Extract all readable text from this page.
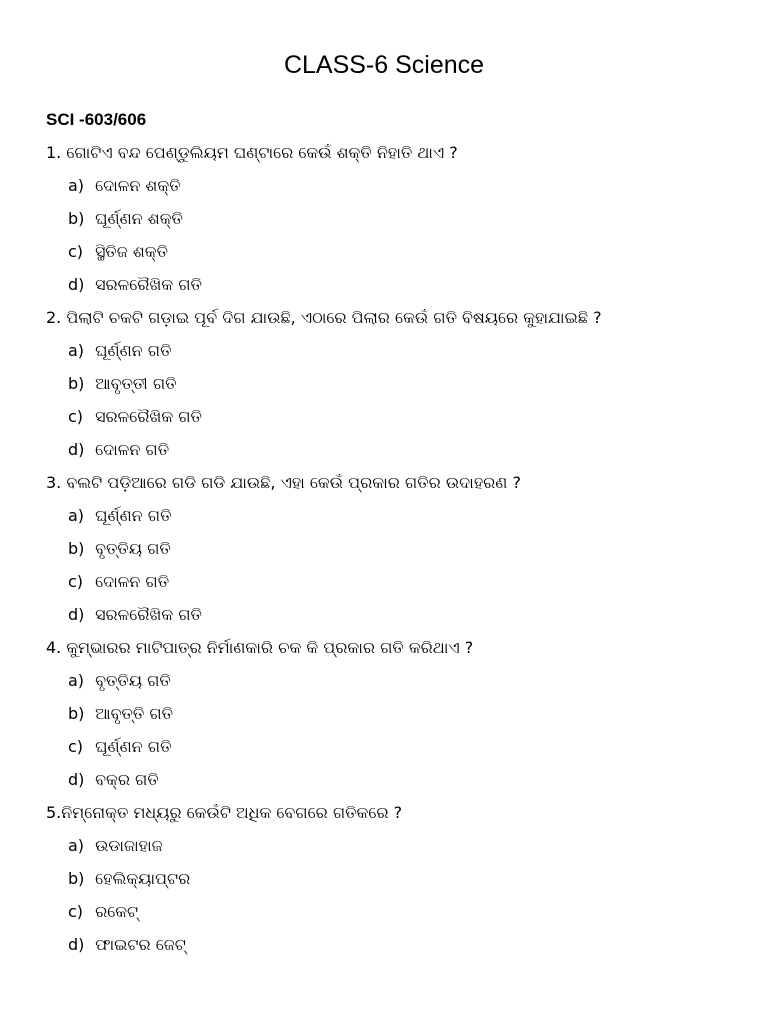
CLASS-6 Science
SCI -603/606
1. ଗୋଟିଏ ବନ୍ଦ ପେଣ୍ଡୁଲିୟମ ଘଣ୍ଟାରେ କେଉଁ ଶକ୍ତି ନିହାତି ଥାଏ ?
a) ଦୋଳନ ଶକ୍ତି
b) ଘୂର୍ଣ୍ଣନ ଶକ୍ତି
c) ସ୍ଥିତିଜ ଶକ୍ତି
d) ସରଳରୈଖିକ ଗତି
2. ପିଲାଟି ଚକଟି ଗଡ଼ାଇ ପୂର୍ବ ଦିଗ ଯାଉଛି, ଏଠାରେ ପିଲାର କେଉଁ ଗତି ବିଷୟରେ କୁହାଯାଇଛି ?
a) ଘୂର୍ଣ୍ଣନ ଗତି
b) ଆବୃତ୍ତୀ ଗତି
c) ସରଳରୈଖିକ ଗତି
d) ଦୋଳନ ଗତି
3. ବଲଟି ପଡ଼ିଆରେ ଗଡି ଗଡି ଯାଉଛି, ଏହା କେଉଁ ପ୍ରକାର ଗତିର ଉଦାହରଣ ?
a) ଘୂର୍ଣ୍ଣନ ଗତି
b) ବୃତ୍ତିୟ ଗତି
c) ଦୋଳନ ଗତି
d) ସରଳରୈଖିକ ଗତି
4. କୁମ୍ଭାରର ମାଟିପାତ୍ର ନିର୍ମାଣକାରି ଚକ କି ପ୍ରକାର ଗତି କରିଥାଏ ?
a) ବୃତ୍ତିୟ ଗତି
b) ଆବୃତ୍ତି ଗତି
c) ଘୂର୍ଣ୍ଣନ ଗତି
d) ବକ୍ର ଗତି
5.ନିମ୍ନୋକ୍ତ ମଧ୍ୟରୁ କେଉଁଟି ଅଧିକ ବେଗରେ ଗତିକରେ ?
a) ଉଡାଜାହାଜ
b) ହେଲିକ୍ୟାପ୍ଟର
c) ରକେଟ୍
d) ଫାଇଟର ଜେଟ୍
